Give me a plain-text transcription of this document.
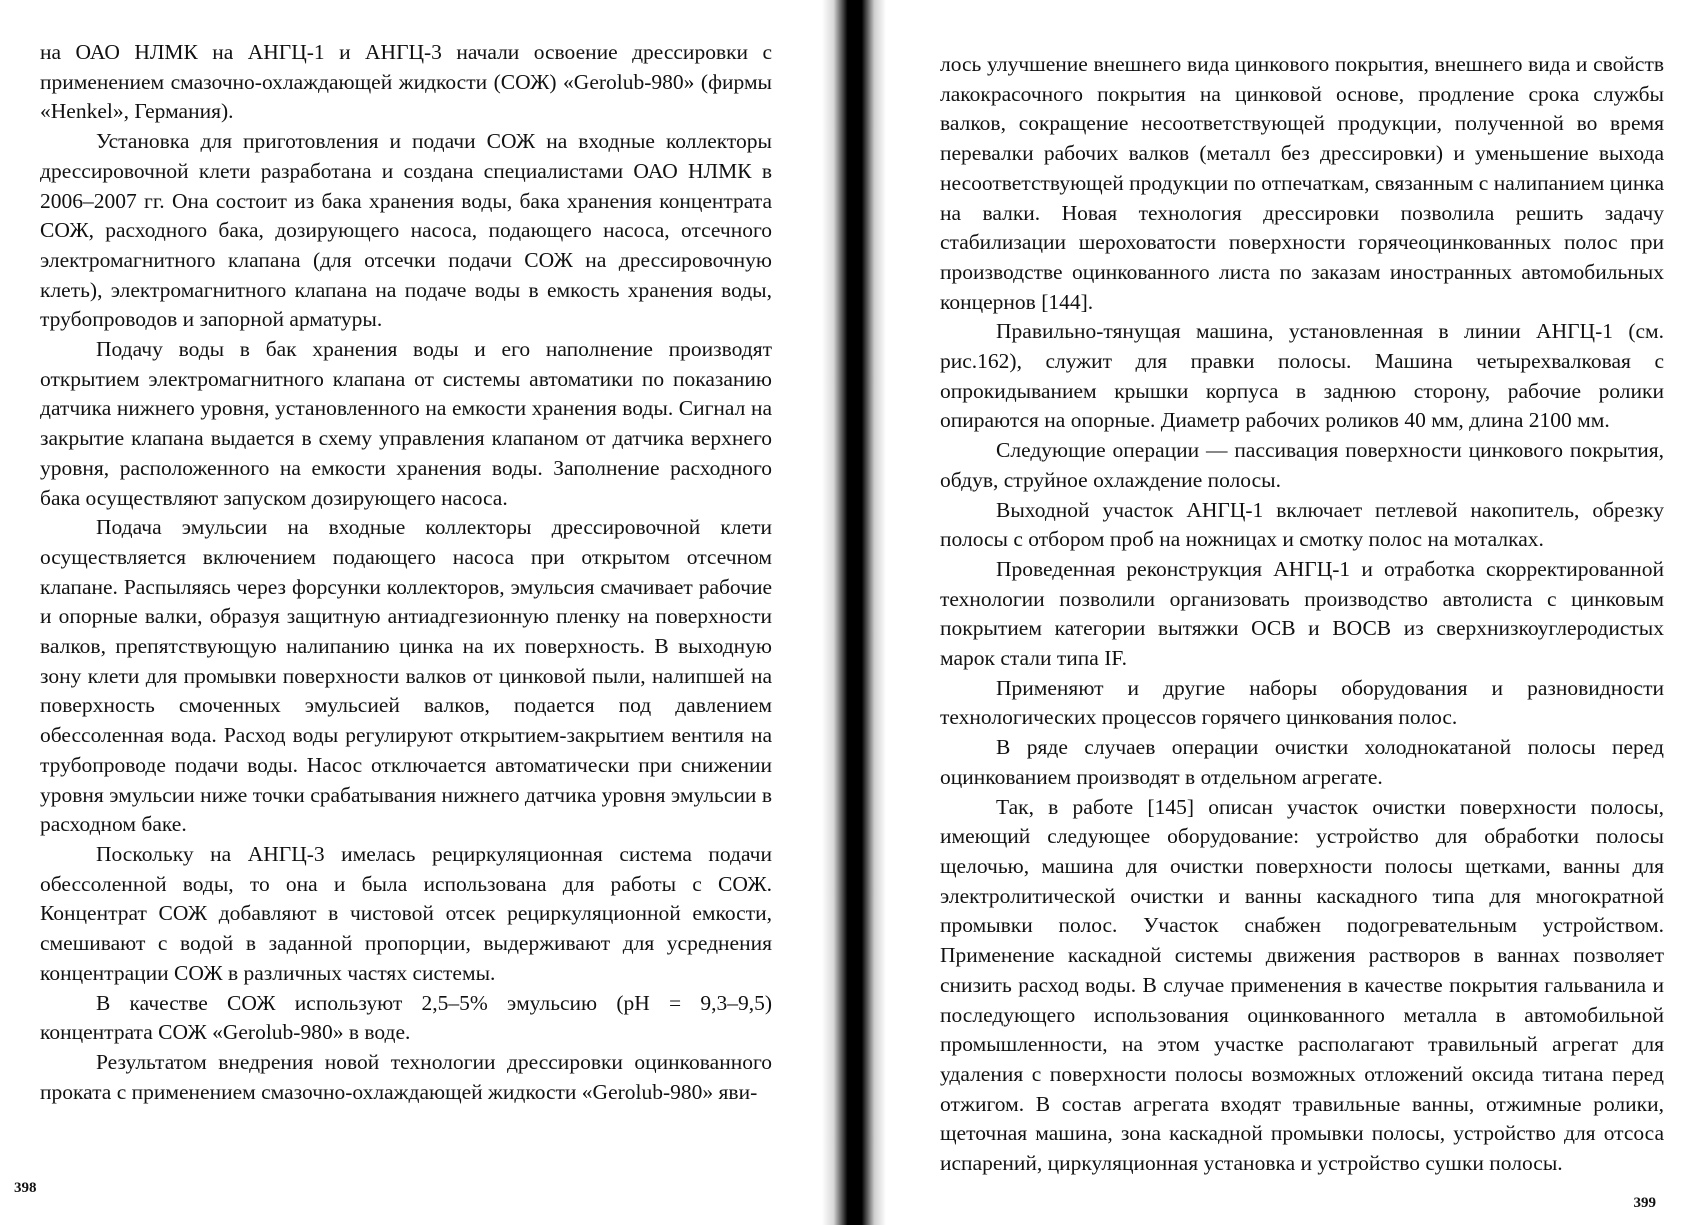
на ОАО НЛМК на АНГЦ-1 и АНГЦ-3 начали освоение дрессировки с применением смазочно-охлаждающей жидкости (СОЖ) «Gerolub-980» (фирмы «Henkel», Германия).

Установка для приготовления и подачи СОЖ на входные коллекторы дрессировочной клети разработана и создана специалистами ОАО НЛМК в 2006–2007 гг. Она состоит из бака хранения воды, бака хранения концентрата СОЖ, расходного бака, дозирующего насоса, подающего насоса, отсечного электромагнитного клапана (для отсечки подачи СОЖ на дрессировочную клеть), электромагнитного клапана на подаче воды в емкость хранения воды, трубопроводов и запорной арматуры.

Подачу воды в бак хранения воды и его наполнение производят открытием электромагнитного клапана от системы автоматики по показанию датчика нижнего уровня, установленного на емкости хранения воды. Сигнал на закрытие клапана выдается в схему управления клапаном от датчика верхнего уровня, расположенного на емкости хранения воды. Заполнение расходного бака осуществляют запуском дозирующего насоса.

Подача эмульсии на входные коллекторы дрессировочной клети осуществляется включением подающего насоса при открытом отсечном клапане. Распыляясь через форсунки коллекторов, эмульсия смачивает рабочие и опорные валки, образуя защитную антиадгезионную пленку на поверхности валков, препятствующую налипанию цинка на их поверхность. В выходную зону клети для промывки поверхности валков от цинковой пыли, налипшей на поверхность смоченных эмульсией валков, подается под давлением обессоленная вода. Расход воды регулируют открытием-закрытием вентиля на трубопроводе подачи воды. Насос отключается автоматически при снижении уровня эмульсии ниже точки срабатывания нижнего датчика уровня эмульсии в расходном баке.

Поскольку на АНГЦ-3 имелась рециркуляционная система подачи обессоленной воды, то она и была использована для работы с СОЖ. Концентрат СОЖ добавляют в чистовой отсек рециркуляционной емкости, смешивают с водой в заданной пропорции, выдерживают для усреднения концентрации СОЖ в различных частях системы.

В качестве СОЖ используют 2,5–5% эмульсию (pH = 9,3–9,5) концентрата СОЖ «Gerolub-980» в воде.

Результатом внедрения новой технологии дрессировки оцинкованного проката с применением смазочно-охлаждающей жидкости «Gerolub-980» яви-

398

лось улучшение внешнего вида цинкового покрытия, внешнего вида и свойств лакокрасочного покрытия на цинковой основе, продление срока службы валков, сокращение несоответствующей продукции, полученной во время перевалки рабочих валков (металл без дрессировки) и уменьшение выхода несоответствующей продукции по отпечаткам, связанным с налипанием цинка на валки. Новая технология дрессировки позволила решить задачу стабилизации шероховатости поверхности горячеоцинкованных полос при производстве оцинкованного листа по заказам иностранных автомобильных концернов [144].

Правильно-тянущая машина, установленная в линии АНГЦ-1 (см. рис.162), служит для правки полосы. Машина четырехвалковая с опрокидыванием крышки корпуса в заднюю сторону, рабочие ролики опираются на опорные. Диаметр рабочих роликов 40 мм, длина 2100 мм.

Следующие операции — пассивация поверхности цинкового покрытия, обдув, струйное охлаждение полосы.

Выходной участок АНГЦ-1 включает петлевой накопитель, обрезку полосы с отбором проб на ножницах и смотку полос на моталках.

Проведенная реконструкция АНГЦ-1 и отработка скорректированной технологии позволили организовать производство автолиста с цинковым покрытием категории вытяжки ОСВ и ВОСВ из сверхнизкоуглеродистых марок стали типа IF.

Применяют и другие наборы оборудования и разновидности технологических процессов горячего цинкования полос.

В ряде случаев операции очистки холоднокатаной полосы перед оцинкованием производят в отдельном агрегате.

Так, в работе [145] описан участок очистки поверхности полосы, имеющий следующее оборудование: устройство для обработки полосы щелочью, машина для очистки поверхности полосы щетками, ванны для электролитической очистки и ванны каскадного типа для многократной промывки полос. Участок снабжен подогревательным устройством. Применение каскадной системы движения растворов в ваннах позволяет снизить расход воды. В случае применения в качестве покрытия гальванила и последующего использования оцинкованного металла в автомобильной промышленности, на этом участке располагают травильный агрегат для удаления с поверхности полосы возможных отложений оксида титана перед отжигом. В состав агрегата входят травильные ванны, отжимные ролики, щеточная машина, зона каскадной промывки полосы, устройство для отсоса испарений, циркуляционная установка и устройство сушки полосы.

399
